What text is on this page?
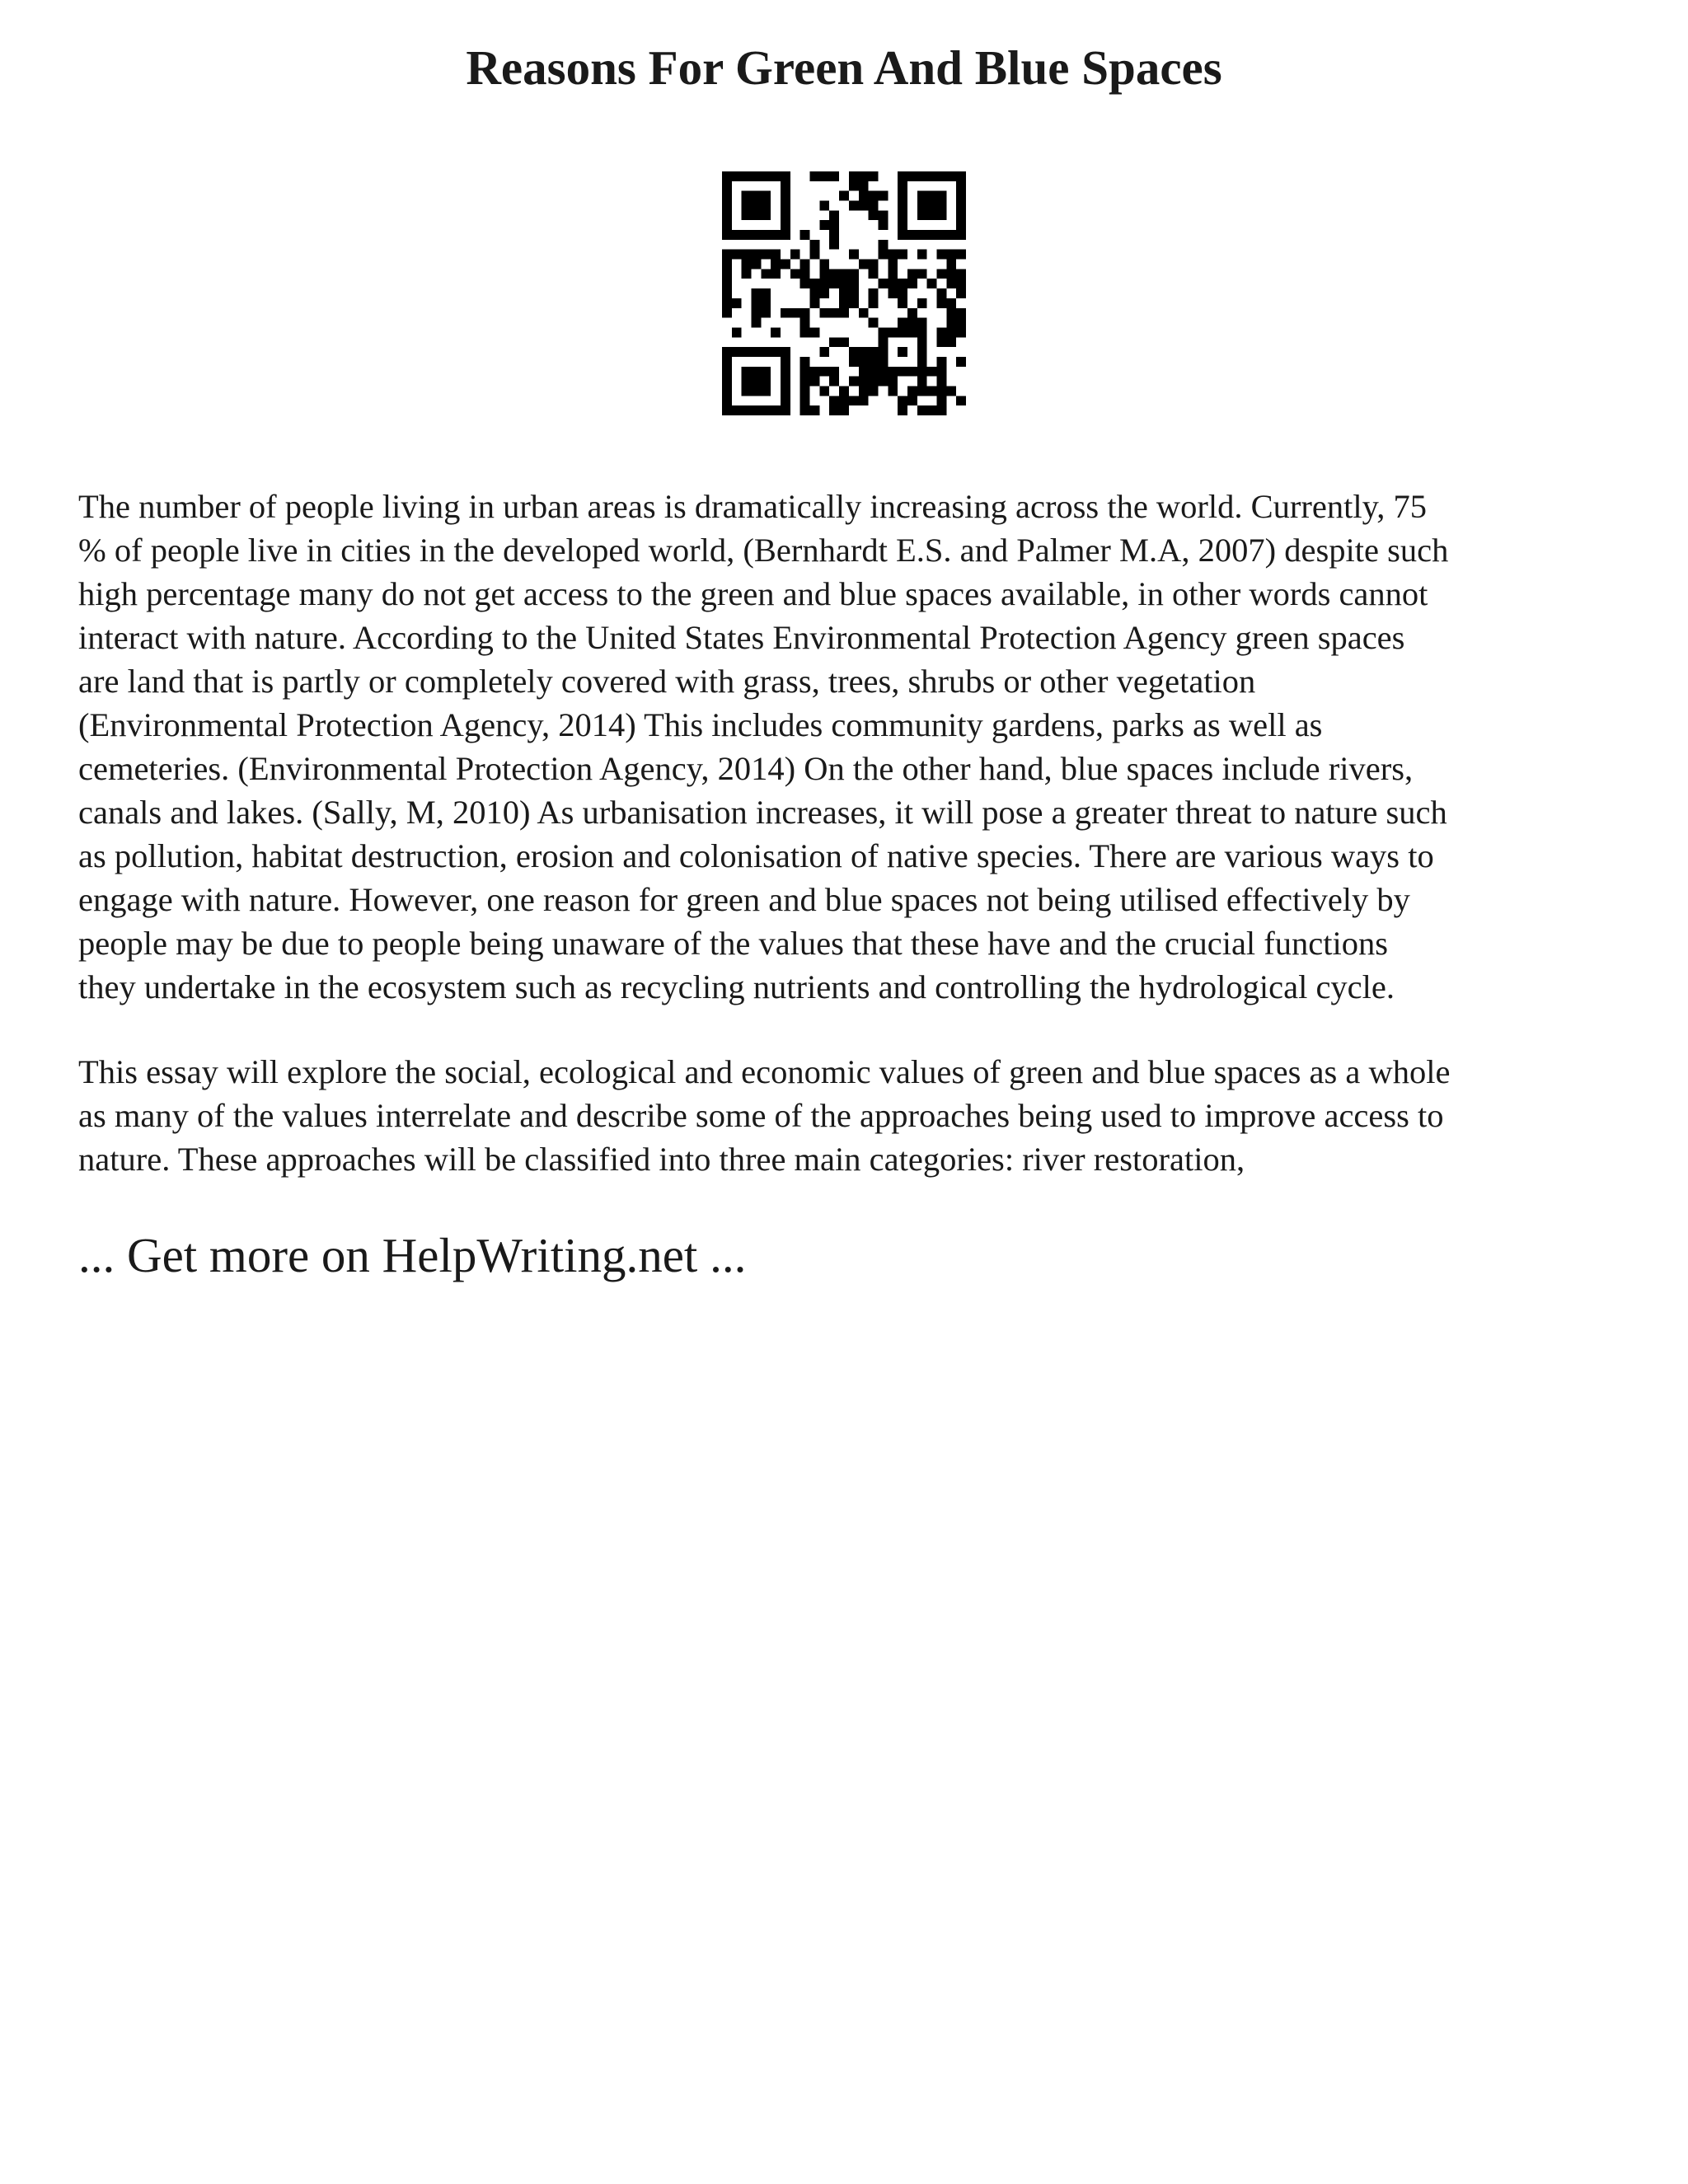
Reasons For Green And Blue Spaces
The number of people living in urban areas is dramatically increasing across the world. Currently, 75
% of people live in cities in the developed world, (Bernhardt E.S. and Palmer M.A, 2007) despite such
high percentage many do not get access to the green and blue spaces available, in other words cannot
interact with nature. According to the United States Environmental Protection Agency green spaces
are land that is partly or completely covered with grass, trees, shrubs or other vegetation
(Environmental Protection Agency, 2014) This includes community gardens, parks as well as
cemeteries. (Environmental Protection Agency, 2014) On the other hand, blue spaces include rivers,
canals and lakes. (Sally, M, 2010) As urbanisation increases, it will pose a greater threat to nature such
as pollution, habitat destruction, erosion and colonisation of native species. There are various ways to
engage with nature. However, one reason for green and blue spaces not being utilised effectively by
people may be due to people being unaware of the values that these have and the crucial functions
they undertake in the ecosystem such as recycling nutrients and controlling the hydrological cycle.
This essay will explore the social, ecological and economic values of green and blue spaces as a whole
as many of the values interrelate and describe some of the approaches being used to improve access to
nature. These approaches will be classified into three main categories: river restoration,
... Get more on HelpWriting.net ...
